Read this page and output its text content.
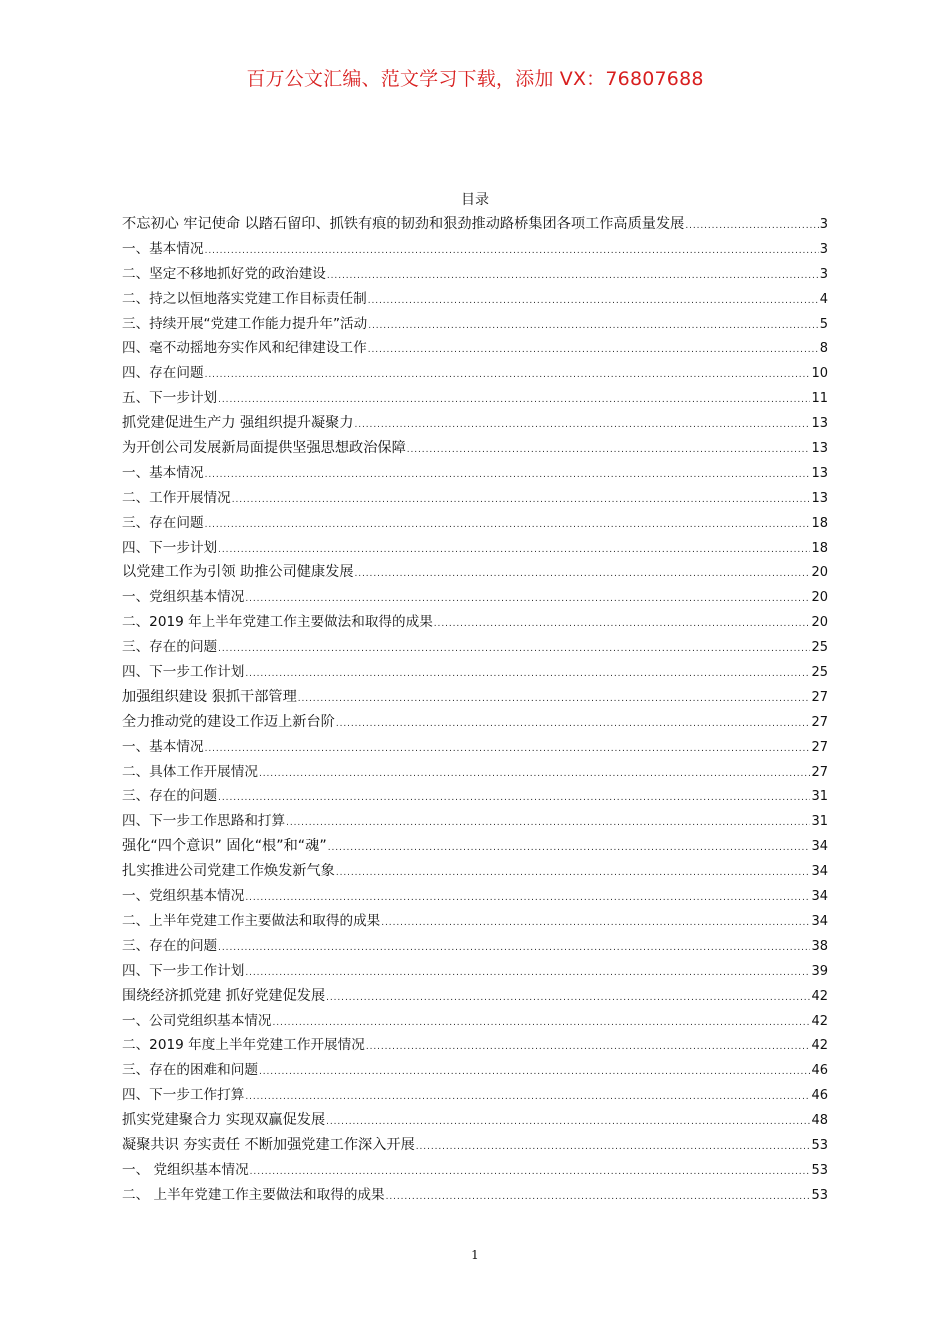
百万公文汇编、范文学习下载，添加 VX：76807688
目录
不忘初心 牢记使命 以踏石留印、抓铁有痕的韧劲和狠劲推动路桥集团各项工作高质量发展 .....	3
一、基本情况 .....	3
二、坚定不移地抓好党的政治建设 .....	3
二、持之以恒地落实党建工作目标责任制 .....	4
三、持续开展“党建工作能力提升年”活动 .....	5
四、毫不动摇地夯实作风和纪律建设工作 .....	8
四、存在问题 .....	10
五、下一步计划 .....	11
抓党建促进生产力 强组织提升凝聚力 .....	13
为开创公司发展新局面提供坚强思想政治保障 .....	13
一、基本情况 .....	13
二、工作开展情况 .....	13
三、存在问题 .....	18
四、下一步计划 .....	18
以党建工作为引领 助推公司健康发展 .....	20
一、党组织基本情况 .....	20
二、2019 年上半年党建工作主要做法和取得的成果 .....	20
三、存在的问题 .....	25
四、下一步工作计划 .....	25
加强组织建设 狠抓干部管理 .....	27
全力推动党的建设工作迈上新台阶 .....	27
一、基本情况 .....	27
二、具体工作开展情况 .....	27
三、存在的问题 .....	31
四、下一步工作思路和打算 .....	31
强化“四个意识” 固化“根”和“魂” .....	34
扎实推进公司党建工作焕发新气象 .....	34
一、党组织基本情况 .....	34
二、上半年党建工作主要做法和取得的成果 .....	34
三、存在的问题 .....	38
四、下一步工作计划 .....	39
围绕经济抓党建 抓好党建促发展 .....	42
一、公司党组织基本情况 .....	42
二、2019 年度上半年党建工作开展情况 .....	42
三、存在的困难和问题 .....	46
四、下一步工作打算 .....	46
抓实党建聚合力 实现双赢促发展 .....	48
凝聚共识 夯实责任 不断加强党建工作深入开展 .....	53
一、 党组织基本情况 .....	53
二、 上半年党建工作主要做法和取得的成果 .....	53
1
